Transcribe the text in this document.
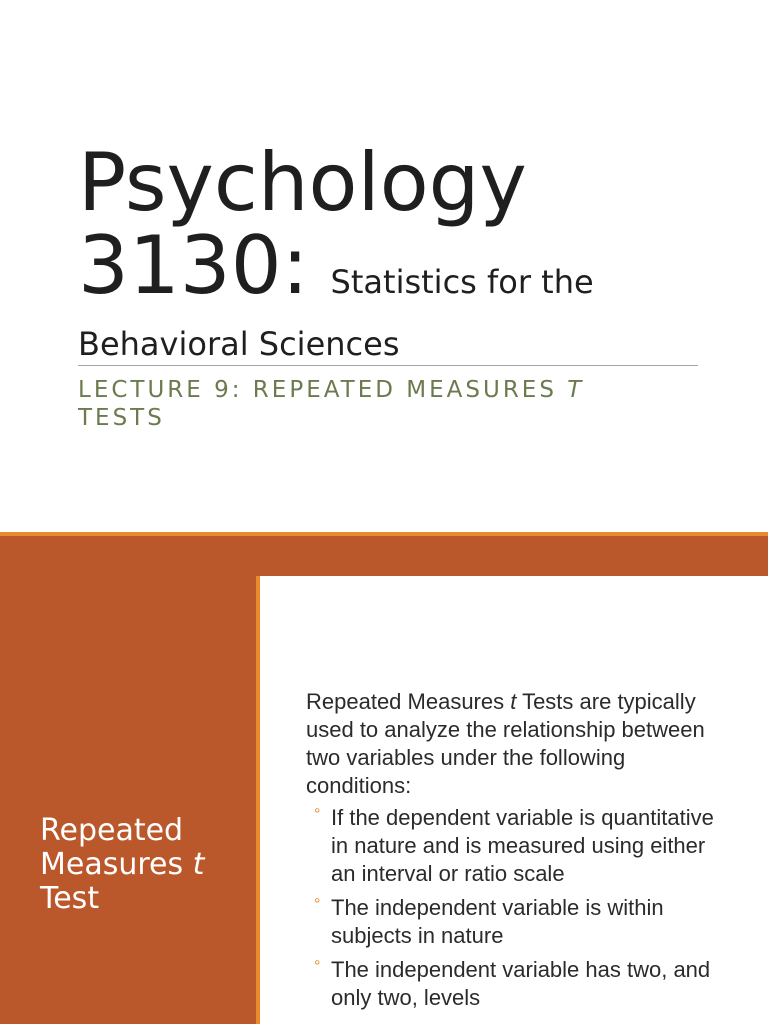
Psychology
3130: Statistics for the
Behavioral Sciences
LECTURE 9: REPEATED MEASURES T TESTS
Repeated Measures t Test

Repeated Measures t Tests are typically used to analyze the relationship between two variables under the following conditions:

° If the dependent variable is quantitative in nature and is measured using either an interval or ratio scale
° The independent variable is within subjects in nature
° The independent variable has two, and only two, levels
